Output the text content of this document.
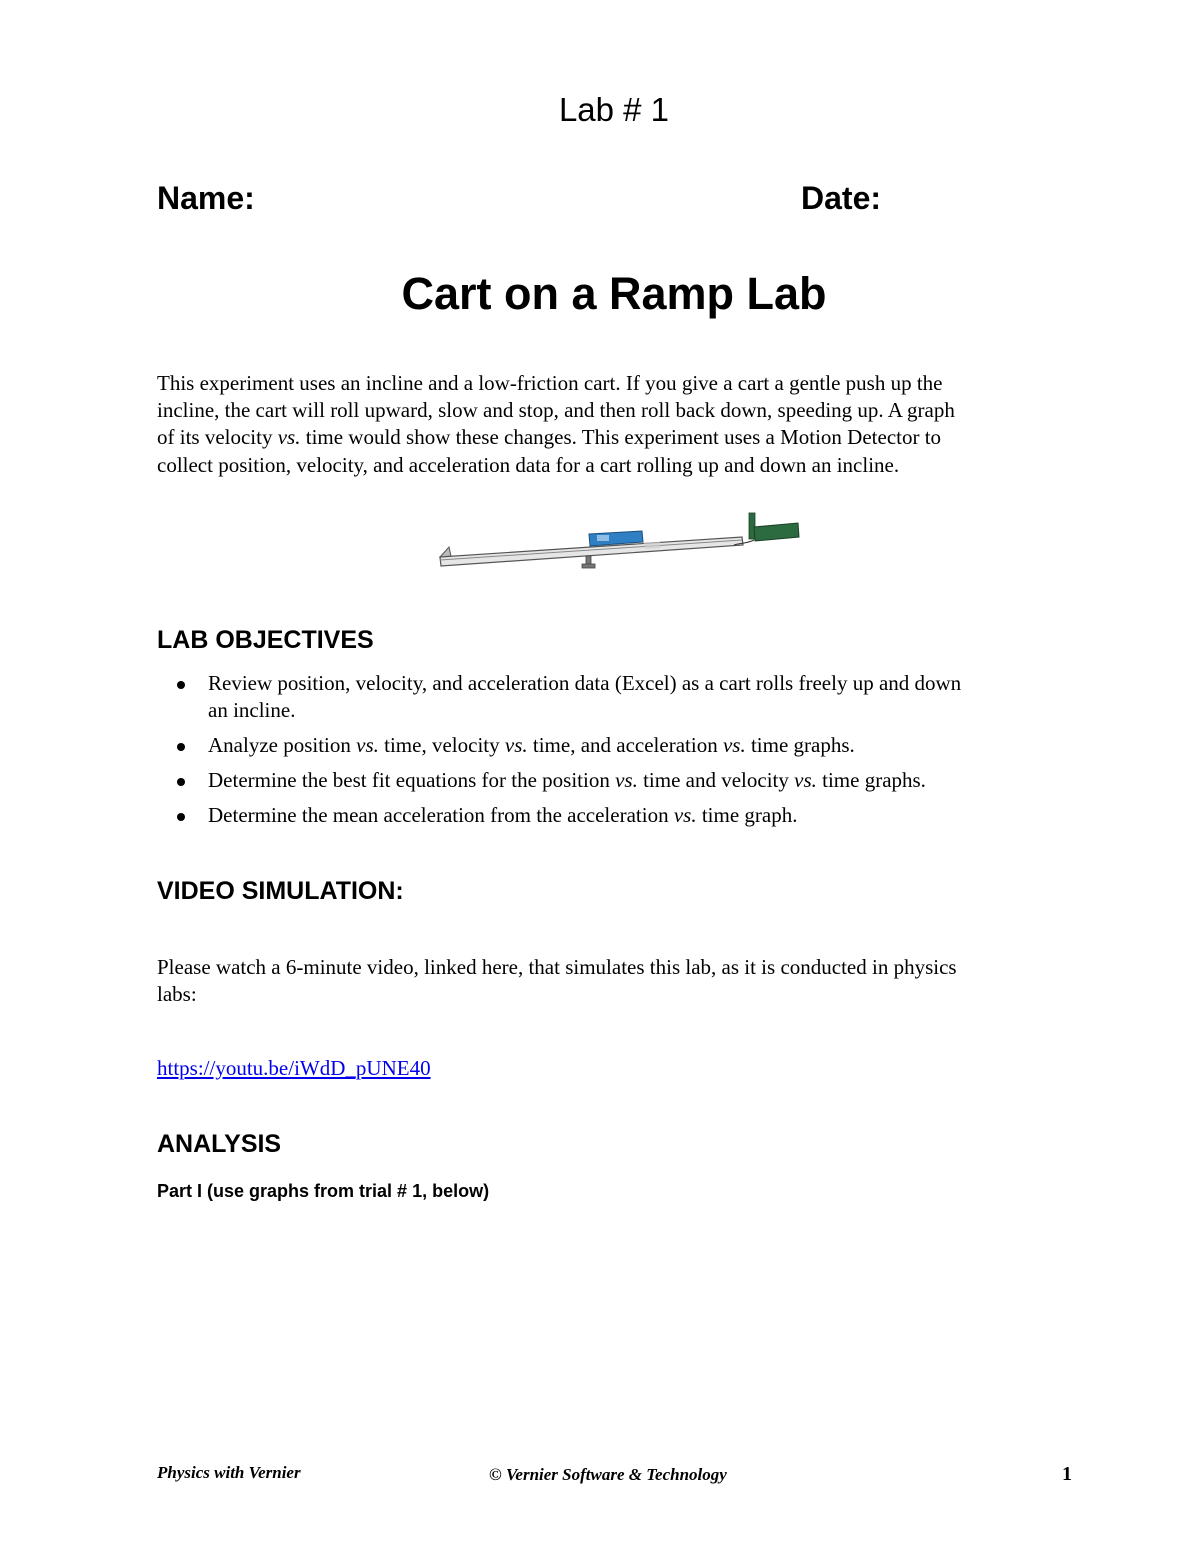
Lab # 1
Name:	Date:
Cart on a Ramp Lab
This experiment uses an incline and a low-friction cart. If you give a cart a gentle push up the
incline, the cart will roll upward, slow and stop, and then roll back down, speeding up. A graph
of its velocity vs. time would show these changes. This experiment uses a Motion Detector to
collect position, velocity, and acceleration data for a cart rolling up and down an incline.
LAB OBJECTIVES
Review position, velocity, and acceleration data (Excel) as a cart rolls freely up and down
an incline.
Analyze position vs. time, velocity vs. time, and acceleration vs. time graphs.
Determine the best fit equations for the position vs. time and velocity vs. time graphs.
Determine the mean acceleration from the acceleration vs. time graph.
VIDEO SIMULATION:
Please watch a 6-minute video, linked here, that simulates this lab, as it is conducted in physics
labs:
https://youtu.be/iWdD_pUNE40
ANALYSIS
Part I (use graphs from trial # 1, below)
Physics with Vernier	© Vernier Software & Technology	1
